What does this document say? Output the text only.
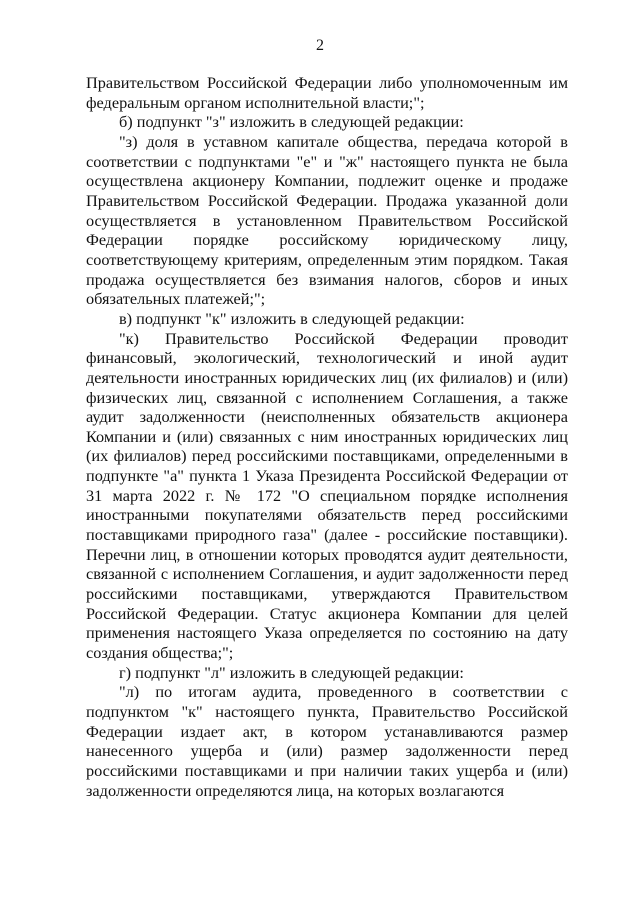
2

Правительством Российской Федерации либо уполномоченным им федеральным органом исполнительной власти;";

б) подпункт "з" изложить в следующей редакции:

"з) доля в уставном капитале общества, передача которой в соответствии с подпунктами "е" и "ж" настоящего пункта не была осуществлена акционеру Компании, подлежит оценке и продаже Правительством Российской Федерации. Продажа указанной доли осуществляется в установленном Правительством Российской Федерации порядке российскому юридическому лицу, соответствующему критериям, определенным этим порядком. Такая продажа осуществляется без взимания налогов, сборов и иных обязательных платежей;";

в) подпункт "к" изложить в следующей редакции:

"к) Правительство Российской Федерации проводит финансовый, экологический, технологический и иной аудит деятельности иностранных юридических лиц (их филиалов) и (или) физических лиц, связанной с исполнением Соглашения, а также аудит задолженности (неисполненных обязательств акционера Компании и (или) связанных с ним иностранных юридических лиц (их филиалов) перед российскими поставщиками, определенными в подпункте "а" пункта 1 Указа Президента Российской Федерации от 31 марта 2022 г. № 172 "О специальном порядке исполнения иностранными покупателями обязательств перед российскими поставщиками природного газа" (далее - российские поставщики). Перечни лиц, в отношении которых проводятся аудит деятельности, связанной с исполнением Соглашения, и аудит задолженности перед российскими поставщиками, утверждаются Правительством Российской Федерации. Статус акционера Компании для целей применения настоящего Указа определяется по состоянию на дату создания общества;";

г) подпункт "л" изложить в следующей редакции:

"л) по итогам аудита, проведенного в соответствии с подпунктом "к" настоящего пункта, Правительство Российской Федерации издает акт, в котором устанавливаются размер нанесенного ущерба и (или) размер задолженности перед российскими поставщиками и при наличии таких ущерба и (или) задолженности определяются лица, на которых возлагаются
